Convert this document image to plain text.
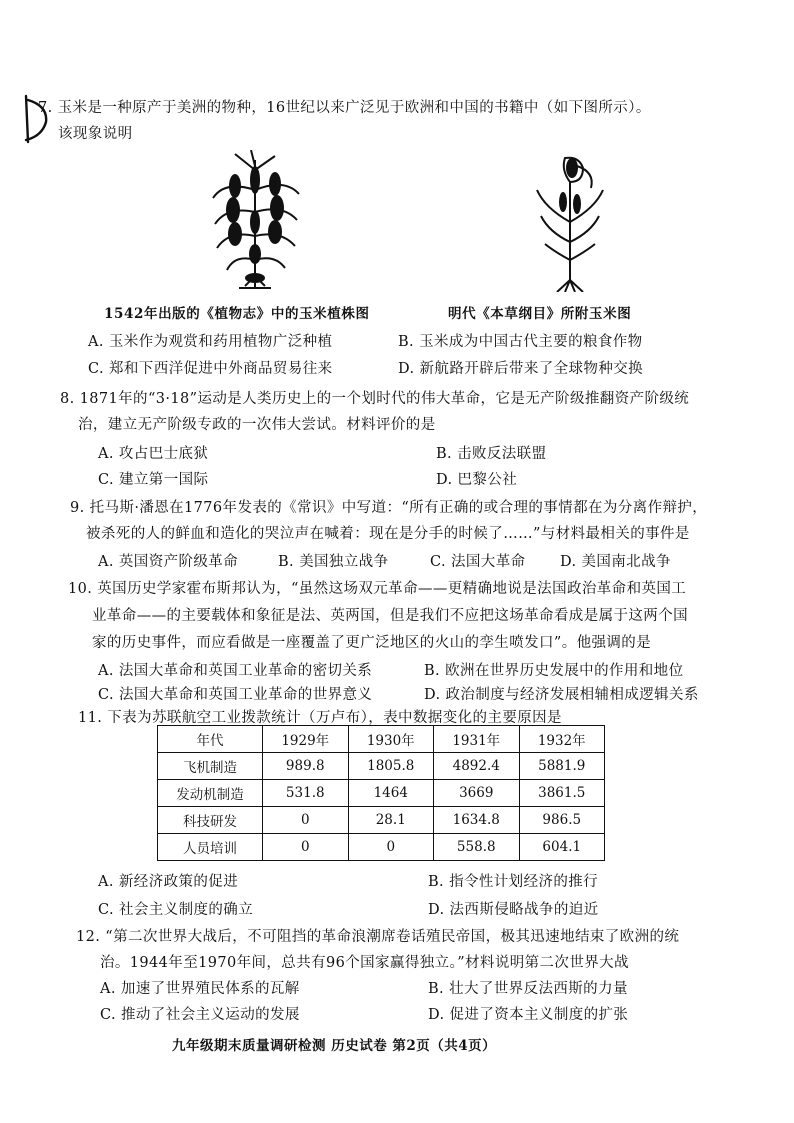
7. 玉米是一种原产于美洲的物种，16世纪以来广泛见于欧洲和中国的书籍中（如下图所示）。
该现象说明
1542年出版的《植物志》中的玉米植株图	明代《本草纲目》所附玉米图
A. 玉米作为观赏和药用植物广泛种植	B. 玉米成为中国古代主要的粮食作物
C. 郑和下西洋促进中外商品贸易往来	D. 新航路开辟后带来了全球物种交换
8. 1871年的“3·18”运动是人类历史上的一个划时代的伟大革命，它是无产阶级推翻资产阶级统
治，建立无产阶级专政的一次伟大尝试。材料评价的是
A. 攻占巴士底狱	B. 击败反法联盟
C. 建立第一国际	D. 巴黎公社
9. 托马斯·潘恩在1776年发表的《常识》中写道：“所有正确的或合理的事情都在为分离作辩护，
被杀死的人的鲜血和造化的哭泣声在喊着：现在是分手的时候了……”与材料最相关的事件是
A. 英国资产阶级革命	B. 美国独立战争	C. 法国大革命 D. 美国南北战争
10. 英国历史学家霍布斯邦认为，“虽然这场双元革命——更精确地说是法国政治革命和英国工
业革命——的主要载体和象征是法、英两国，但是我们不应把这场革命看成是属于这两个国
家的历史事件，而应看做是一座覆盖了更广泛地区的火山的孪生喷发口”。他强调的是
A. 法国大革命和英国工业革命的密切关系	B. 欧洲在世界历史发展中的作用和地位
C. 法国大革命和英国工业革命的世界意义	D. 政治制度与经济发展相辅相成逻辑关系
11. 下表为苏联航空工业拨款统计（万卢布），表中数据变化的主要原因是
年代	1929年	1930年	1931年	1932年
飞机制造	989.8	1805.8	4892.4	5881.9
发动机制造	531.8	1464	3669	3861.5
科技研发	0	28.1	1634.8	986.5
人员培训	0	0	558.8	604.1
A. 新经济政策的促进	B. 指令性计划经济的推行
C. 社会主义制度的确立	D. 法西斯侵略战争的迫近
12. “第二次世界大战后，不可阻挡的革命浪潮席卷话殖民帝国，极其迅速地结束了欧洲的统
治。1944年至1970年间，总共有96个国家赢得独立。”材料说明第二次世界大战
A. 加速了世界殖民体系的瓦解	B. 壮大了世界反法西斯的力量
C. 推动了社会主义运动的发展	D. 促进了资本主义制度的扩张
九年级期末质量调研检测 历史试卷 第2页（共4页）
